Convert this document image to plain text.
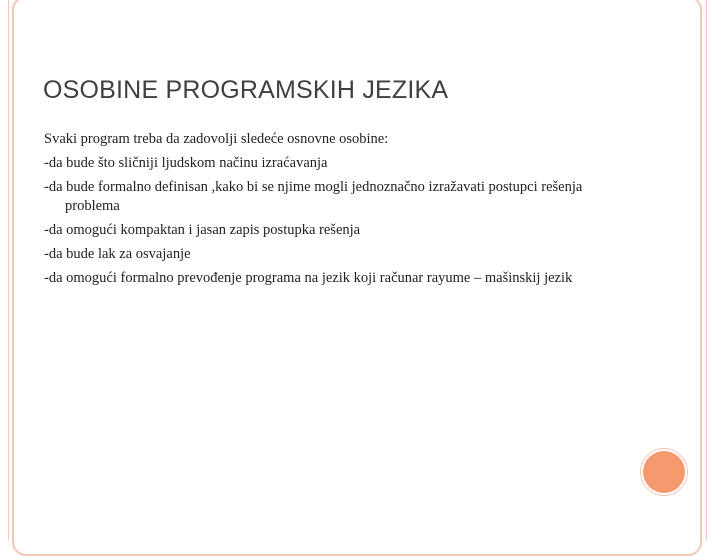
OSOBINE PROGRAMSKIH JEZIKA

Svaki program treba da zadovolji sledeće osnovne osobine:

-da bude što sličniji ljudskom načinu izraćavanja

-da bude formalno definisan ,kako bi se njime mogli jednoznačno izražavati postupci rešenja problema

-da omogući kompaktan i jasan zapis postupka rešenja

-da bude lak za osvajanje

-da omogući formalno prevođenje programa na jezik koji računar rayume – mašinskij jezik
